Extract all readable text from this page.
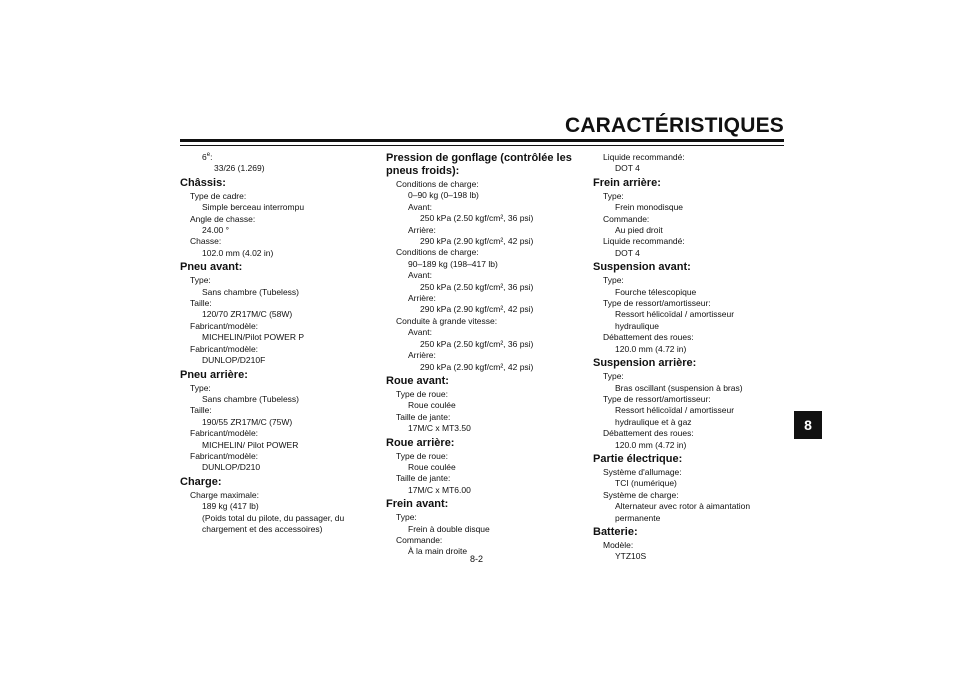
CARACTÉRISTIQUES
8
6e:
33/26 (1.269)
Châssis:
Type de cadre:
Simple berceau interrompu
Angle de chasse:
24.00 °
Chasse:
102.0 mm (4.02 in)
Pneu avant:
Type:
Sans chambre (Tubeless)
Taille:
120/70 ZR17M/C (58W)
Fabricant/modèle:
MICHELIN/Pilot POWER P
Fabricant/modèle:
DUNLOP/D210F
Pneu arrière:
Type:
Sans chambre (Tubeless)
Taille:
190/55 ZR17M/C (75W)
Fabricant/modèle:
MICHELIN/ Pilot POWER
Fabricant/modèle:
DUNLOP/D210
Charge:
Charge maximale:
189 kg (417 lb)
(Poids total du pilote, du passager, du
chargement et des accessoires)
Pression de gonflage (contrôlée les
pneus froids):
Conditions de charge:
0–90 kg (0–198 lb)
Avant:
250 kPa (2.50 kgf/cm², 36 psi)
Arrière:
290 kPa (2.90 kgf/cm², 42 psi)
Conditions de charge:
90–189 kg (198–417 lb)
Avant:
250 kPa (2.50 kgf/cm², 36 psi)
Arrière:
290 kPa (2.90 kgf/cm², 42 psi)
Conduite à grande vitesse:
Avant:
250 kPa (2.50 kgf/cm², 36 psi)
Arrière:
290 kPa (2.90 kgf/cm², 42 psi)
Roue avant:
Type de roue:
Roue coulée
Taille de jante:
17M/C x MT3.50
Roue arrière:
Type de roue:
Roue coulée
Taille de jante:
17M/C x MT6.00
Frein avant:
Type:
Frein à double disque
Commande:
À la main droite
Liquide recommandé:
DOT 4
Frein arrière:
Type:
Frein monodisque
Commande:
Au pied droit
Liquide recommandé:
DOT 4
Suspension avant:
Type:
Fourche télescopique
Type de ressort/amortisseur:
Ressort hélicoïdal / amortisseur
hydraulique
Débattement des roues:
120.0 mm (4.72 in)
Suspension arrière:
Type:
Bras oscillant (suspension à bras)
Type de ressort/amortisseur:
Ressort hélicoïdal / amortisseur
hydraulique et à gaz
Débattement des roues:
120.0 mm (4.72 in)
Partie électrique:
Système d'allumage:
TCI (numérique)
Système de charge:
Alternateur avec rotor à aimantation
permanente
Batterie:
Modèle:
YTZ10S
8-2
